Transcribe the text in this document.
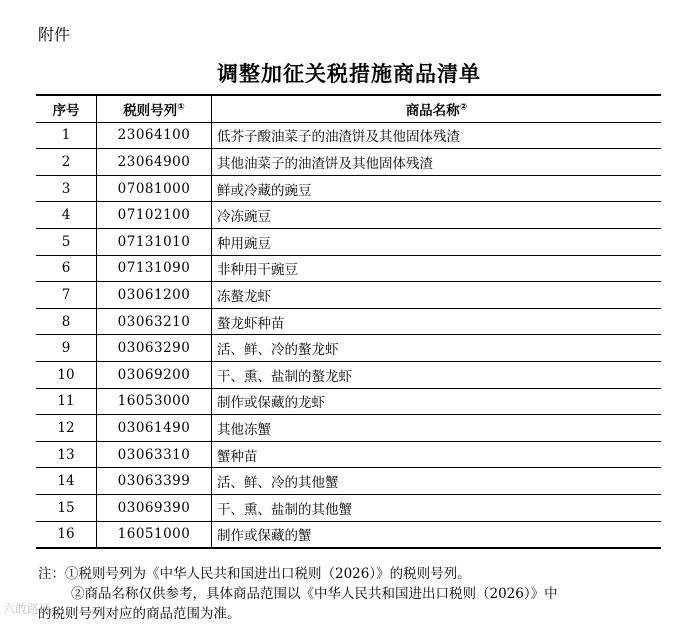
附件
调整加征关税措施商品清单
序号	税则号列①	商品名称②
1	23064100	低芥子酸油菜子的油渣饼及其他固体残渣
2	23064900	其他油菜子的油渣饼及其他固体残渣
3	07081000	鲜或冷藏的豌豆
4	07102100	冷冻豌豆
5	07131010	种用豌豆
6	07131090	非种用干豌豆
7	03061200	冻螯龙虾
8	03063210	螯龙虾种苗
9	03063290	活、鲜、冷的螯龙虾
10	03069200	干、熏、盐制的螯龙虾
11	16053000	制作或保藏的龙虾
12	03061490	其他冻蟹
13	03063310	蟹种苗
14	03063399	活、鲜、冷的其他蟹
15	03069390	干、熏、盐制的其他蟹
16	16051000	制作或保藏的蟹
注：①税则号列为《中华人民共和国进出口税则（2026）》的税则号列。
②商品名称仅供参考，具体商品范围以《中华人民共和国进出口税则（2026）》中
的税则号列对应的商品范围为准。
六敢路通
